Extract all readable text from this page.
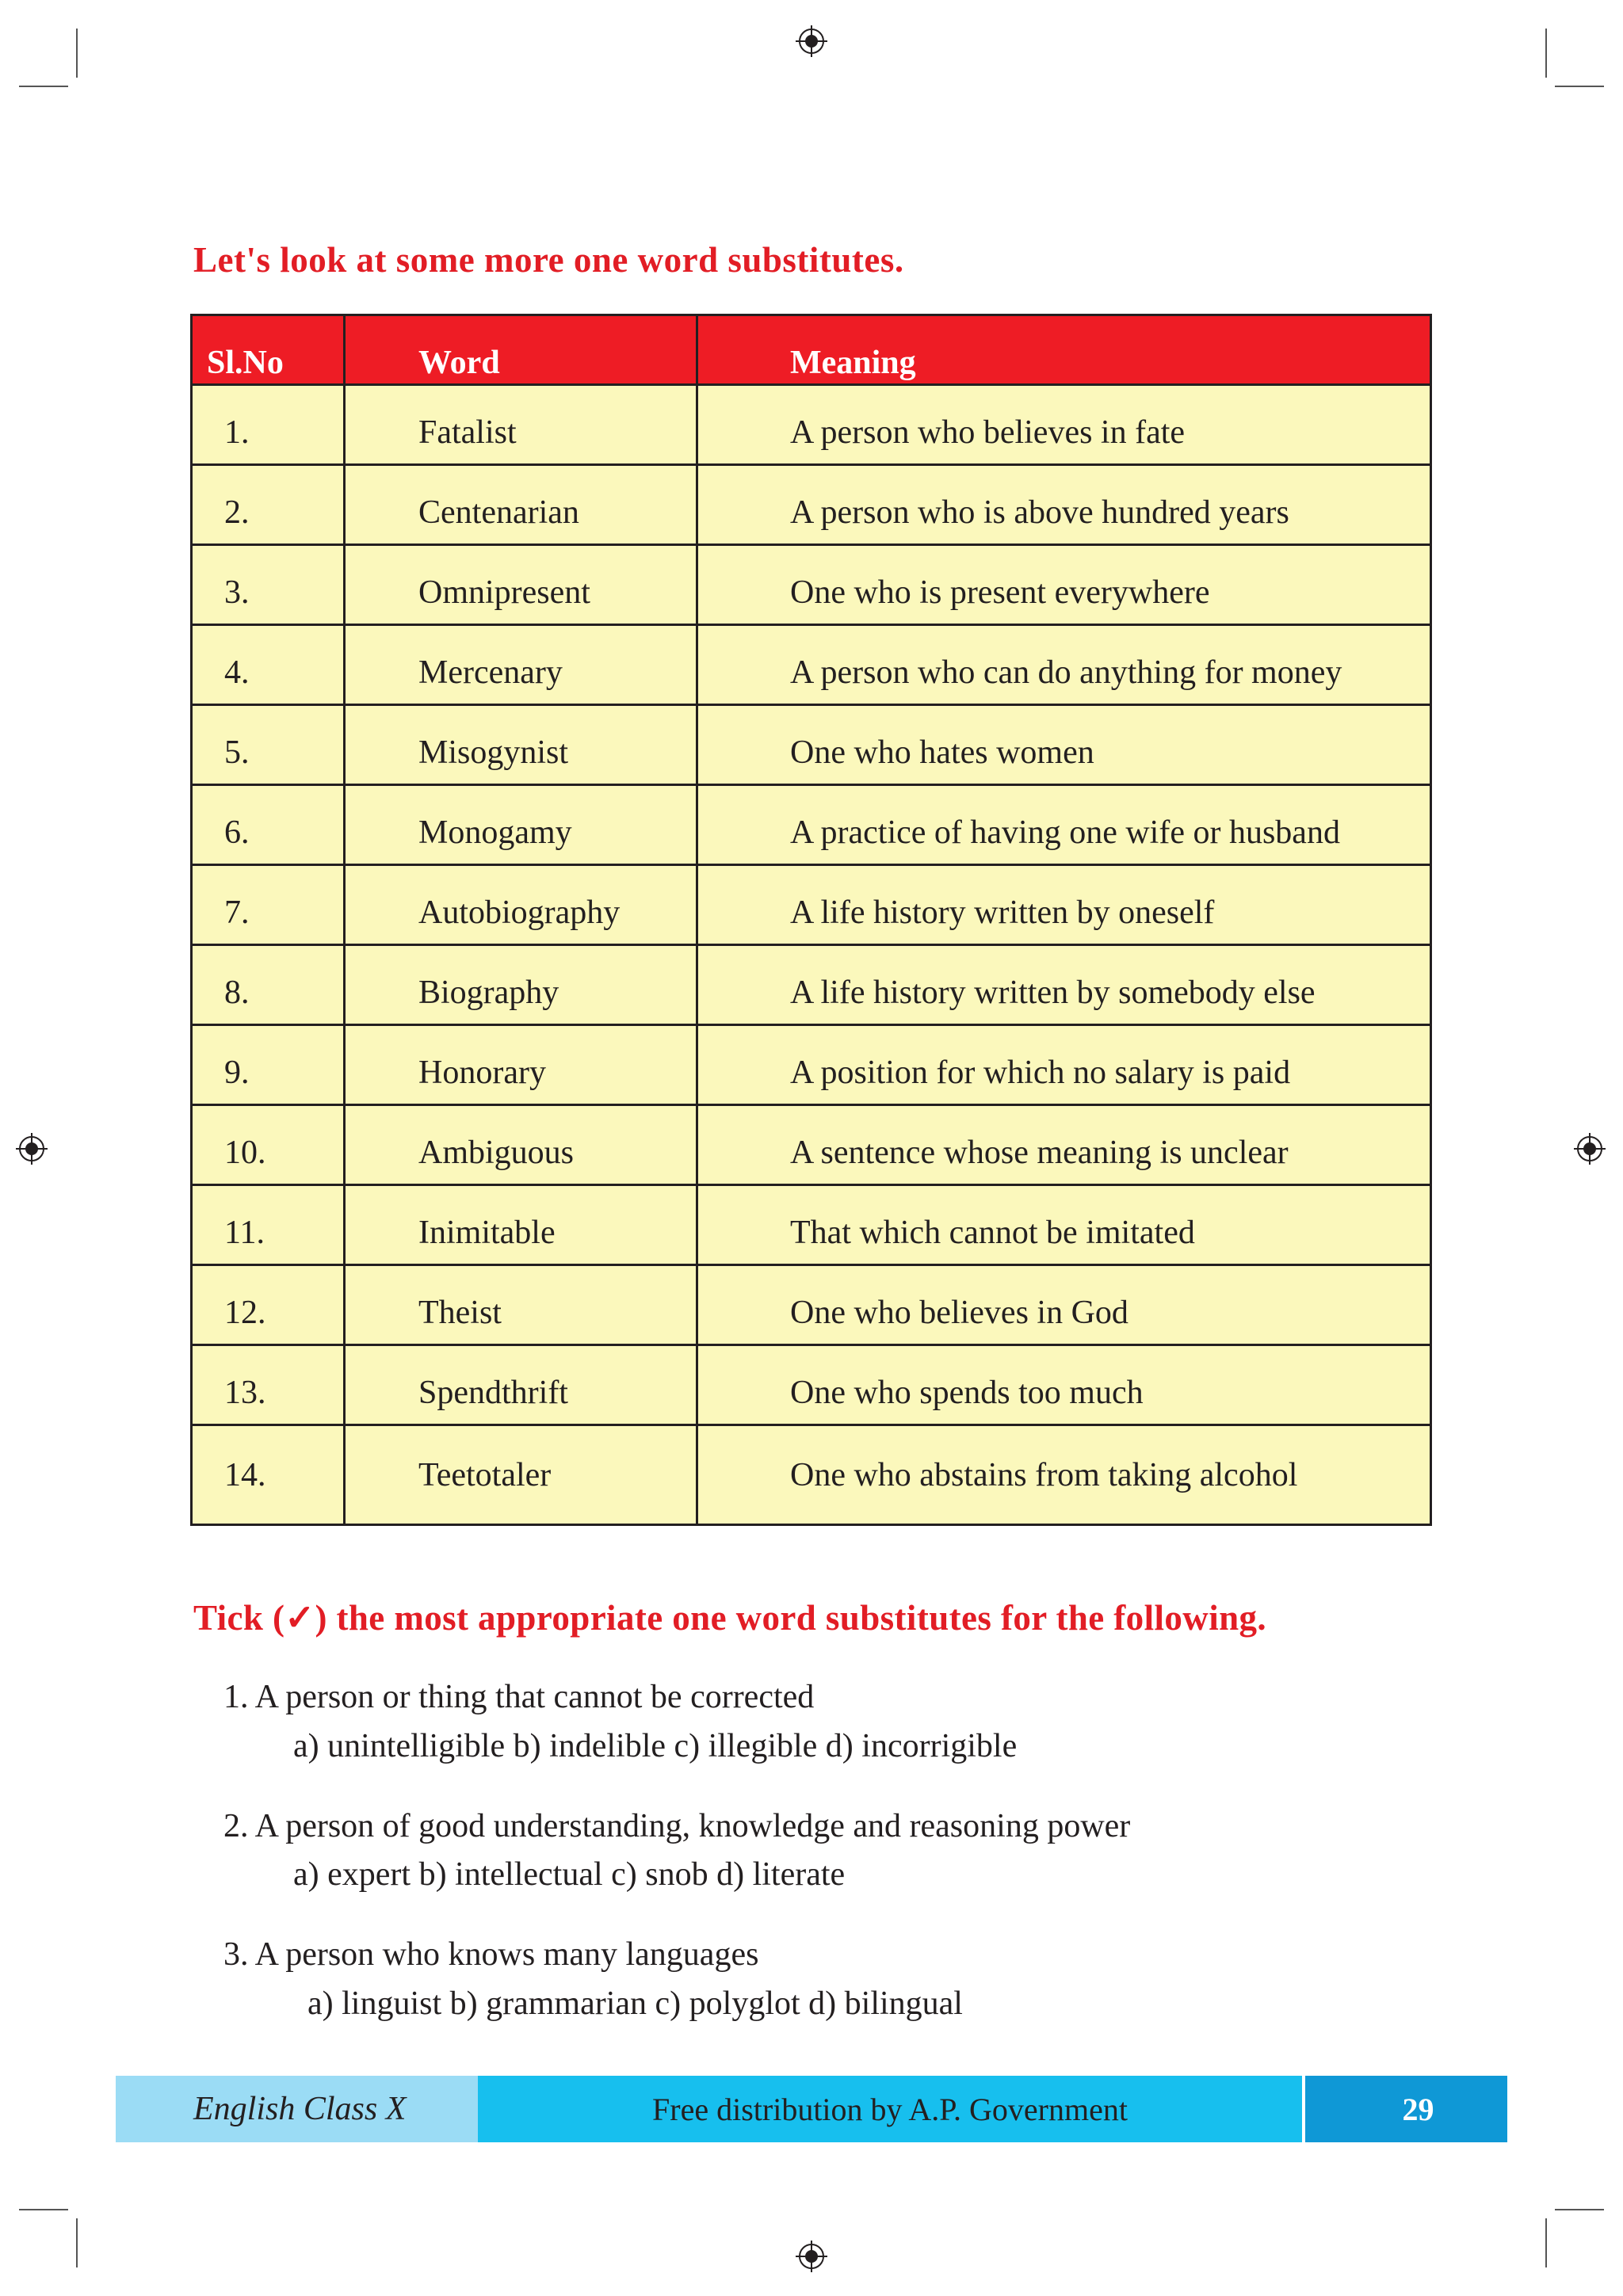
Let's look at some more one word substitutes.
Sl.No	Word	Meaning
1.	Fatalist	A person who believes in fate
2.	Centenarian	A person who is above hundred years
3.	Omnipresent	One who is present everywhere
4.	Mercenary	A person who can do anything for money
5.	Misogynist	One who hates women
6.	Monogamy	A practice of having one wife or husband
7.	Autobiography	A life history written by oneself
8.	Biography	A life history written by somebody else
9.	Honorary	A position for which no salary is paid
10.	Ambiguous	A sentence whose meaning is unclear
11.	Inimitable	That which cannot be imitated
12.	Theist	One who believes in God
13.	Spendthrift	One who spends too much
14.	Teetotaler	One who abstains from taking alcohol
Tick (✓) the most appropriate one word substitutes for the following.
1. A person or thing that cannot be corrected
a) unintelligible b) indelible c) illegible d) incorrigible
2. A person of good understanding, knowledge and reasoning power
a) expert b) intellectual c) snob d) literate
3. A person who knows many languages
a) linguist b) grammarian c) polyglot d) bilingual
English Class X	Free distribution by A.P. Government	29
